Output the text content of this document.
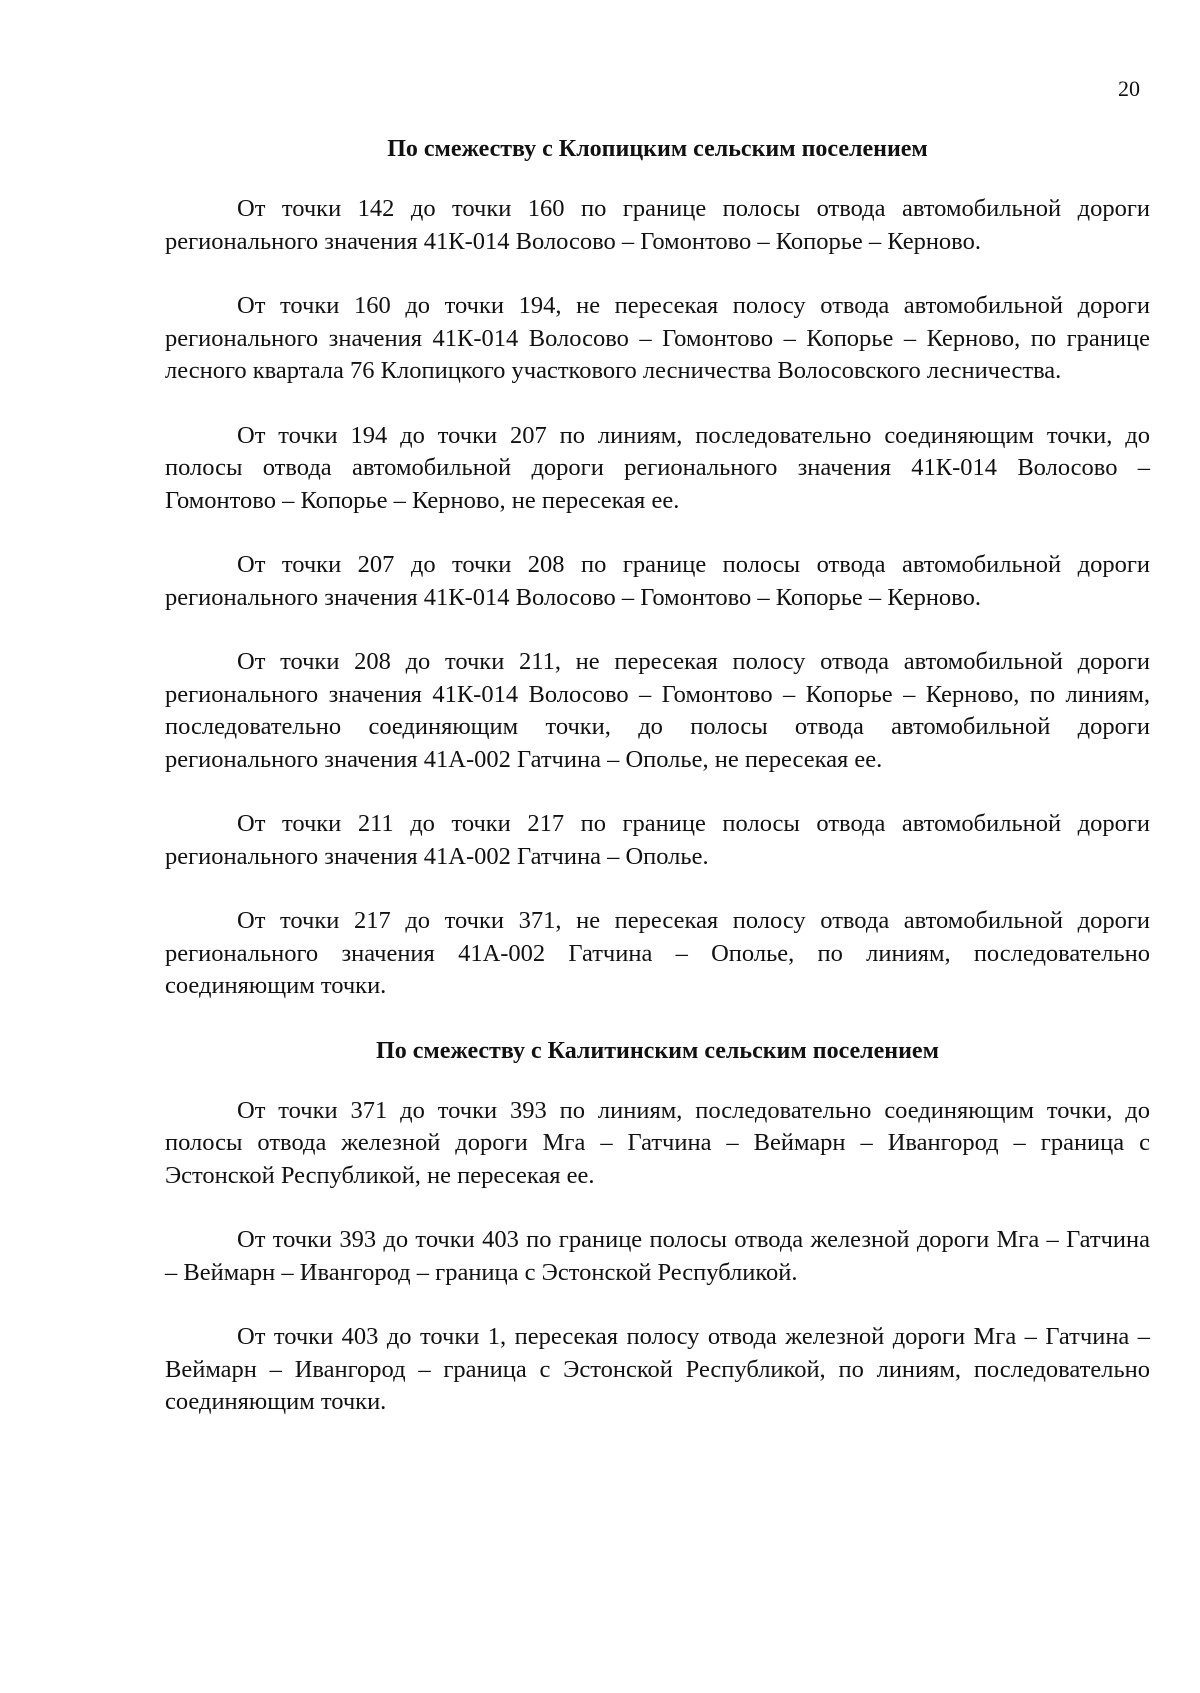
20
По смежеству с Клопицким сельским поселением

От точки 142 до точки 160 по границе полосы отвода автомобильной дороги регионального значения 41К-014 Волосово – Гомонтово – Копорье – Керново.

От точки 160 до точки 194, не пересекая полосу отвода автомобильной дороги регионального значения 41К-014 Волосово – Гомонтово – Копорье – Керново, по границе лесного квартала 76 Клопицкого участкового лесничества Волосовского лесничества.

От точки 194 до точки 207 по линиям, последовательно соединяющим точки, до полосы отвода автомобильной дороги регионального значения 41К-014 Волосово – Гомонтово – Копорье – Керново, не пересекая ее.

От точки 207 до точки 208 по границе полосы отвода автомобильной дороги регионального значения 41К-014 Волосово – Гомонтово – Копорье – Керново.

От точки 208 до точки 211, не пересекая полосу отвода автомобильной дороги регионального значения 41К-014 Волосово – Гомонтово – Копорье – Керново, по линиям, последовательно соединяющим точки, до полосы отвода автомобильной дороги регионального значения 41А-002 Гатчина – Ополье, не пересекая ее.

От точки 211 до точки 217 по границе полосы отвода автомобильной дороги регионального значения 41А-002 Гатчина – Ополье.

От точки 217 до точки 371, не пересекая полосу отвода автомобильной дороги регионального значения 41А-002 Гатчина – Ополье, по линиям, последовательно соединяющим точки.

По смежеству с Калитинским сельским поселением

От точки 371 до точки 393 по линиям, последовательно соединяющим точки, до полосы отвода железной дороги Мга – Гатчина – Веймарн – Ивангород – граница с Эстонской Республикой, не пересекая ее.

От точки 393 до точки 403 по границе полосы отвода железной дороги Мга – Гатчина – Веймарн – Ивангород – граница с Эстонской Республикой.

От точки 403 до точки 1, пересекая полосу отвода железной дороги Мга – Гатчина – Веймарн – Ивангород – граница с Эстонской Республикой, по линиям, последовательно соединяющим точки.
